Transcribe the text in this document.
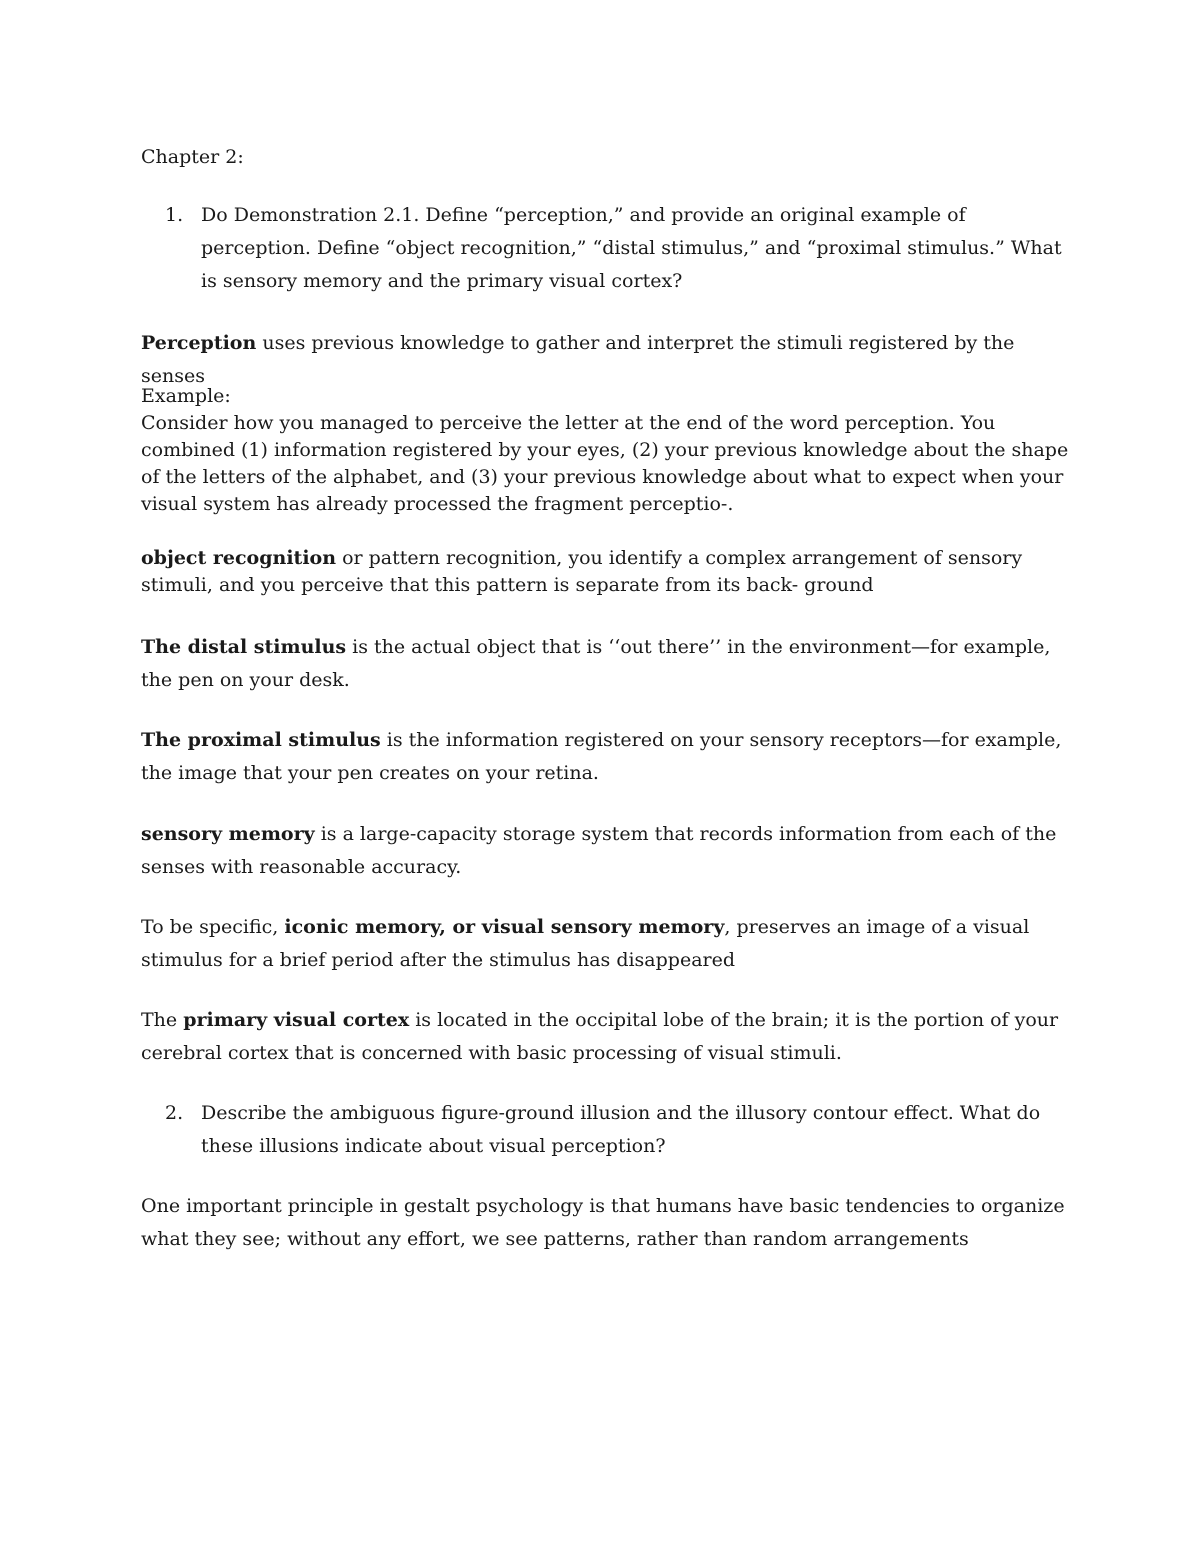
Chapter 2:

1. Do Demonstration 2.1. Define “perception,” and provide an original example of perception. Define “object recognition,” “distal stimulus,” and “proximal stimulus.” What is sensory memory and the primary visual cortex?

Perception uses previous knowledge to gather and interpret the stimuli registered by the senses

Example:
Consider how you managed to perceive the letter at the end of the word perception. You combined (1) information registered by your eyes, (2) your previous knowledge about the shape of the letters of the alphabet, and (3) your previous knowledge about what to expect when your visual system has already processed the fragment perceptio-.

object recognition or pattern recognition, you identify a complex arrangement of sensory stimuli, and you perceive that this pattern is separate from its back- ground

The distal stimulus is the actual object that is ‘‘out there’’ in the environment—for example, the pen on your desk.

The proximal stimulus is the information registered on your sensory receptors—for example, the image that your pen creates on your retina.

sensory memory is a large-capacity storage system that records information from each of the senses with reasonable accuracy.

To be specific, iconic memory, or visual sensory memory, preserves an image of a visual stimulus for a brief period after the stimulus has disappeared

The primary visual cortex is located in the occipital lobe of the brain; it is the portion of your cerebral cortex that is concerned with basic processing of visual stimuli.

2. Describe the ambiguous figure-ground illusion and the illusory contour effect. What do these illusions indicate about visual perception?

One important principle in gestalt psychology is that humans have basic tendencies to organize what they see; without any effort, we see patterns, rather than random arrangements
